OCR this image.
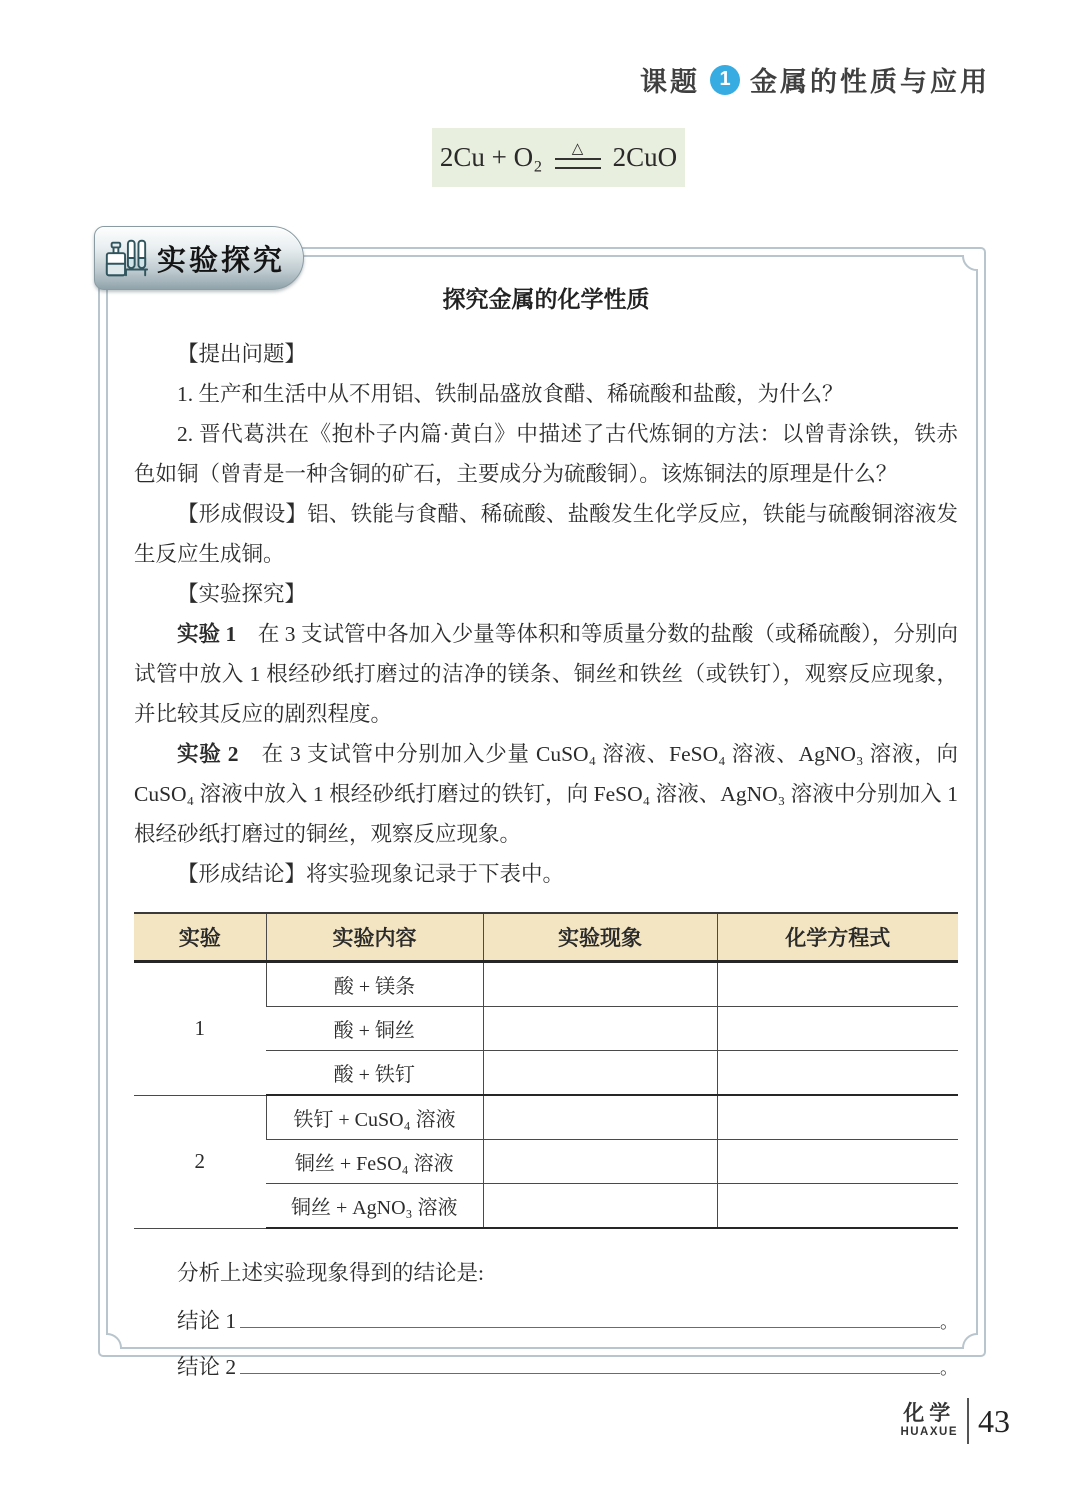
课题 1 金属的性质与应用
2Cu + O₂ △ 2CuO
实验探究
探究金属的化学性质

【提出问题】

1. 生产和生活中从不用铝、铁制品盛放食醋、稀硫酸和盐酸，为什么？

2. 晋代葛洪在《抱朴子内篇·黄白》中描述了古代炼铜的方法：以曾青涂铁，铁赤色如铜（曾青是一种含铜的矿石，主要成分为硫酸铜）。该炼铜法的原理是什么？

【形成假设】铝、铁能与食醋、稀硫酸、盐酸发生化学反应，铁能与硫酸铜溶液发生反应生成铜。

【实验探究】

实验 1　在 3 支试管中各加入少量等体积和等质量分数的盐酸（或稀硫酸），分别向试管中放入 1 根经砂纸打磨过的洁净的镁条、铜丝和铁丝（或铁钉），观察反应现象，并比较其反应的剧烈程度。

实验 2　在 3 支试管中分别加入少量 CuSO₄ 溶液、FeSO₄ 溶液、AgNO₃ 溶液，向 CuSO₄ 溶液中放入 1 根经砂纸打磨过的铁钉，向 FeSO₄ 溶液、AgNO₃ 溶液中分别加入 1 根经砂纸打磨过的铜丝，观察反应现象。

【形成结论】将实验现象记录于下表中。

实验	实验内容	实验现象	化学方程式
1	酸 + 镁条		
	酸 + 铜丝		
	酸 + 铁钉		
2	铁钉 + CuSO₄ 溶液		
	铜丝 + FeSO₄ 溶液		
	铜丝 + AgNO₃ 溶液		

分析上述实验现象得到的结论是:

结论 1	。
结论 2	。
化学
HUAXUE 43
